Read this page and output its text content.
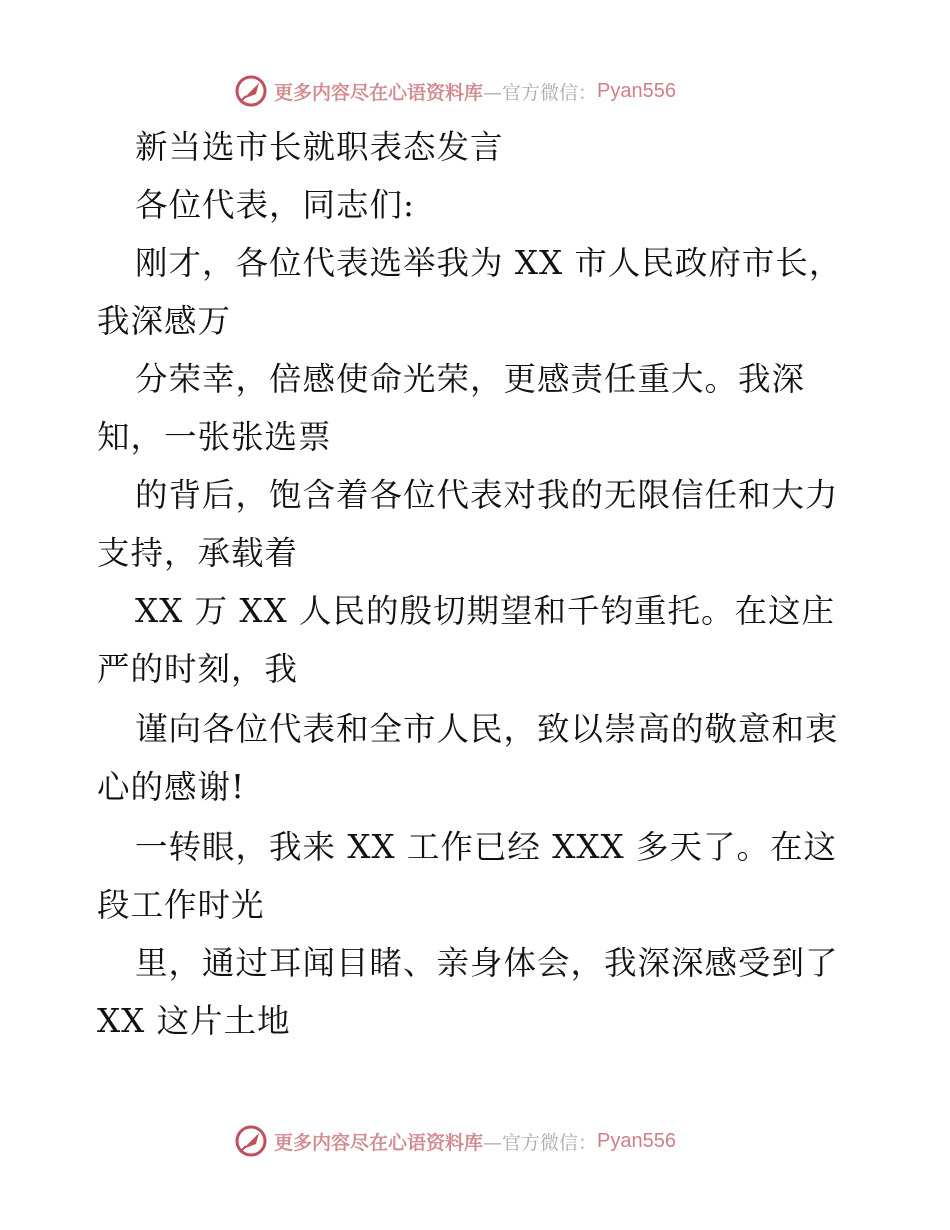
更多内容尽在心语资料库 —官方微信： Pyan556
新当选市长就职表态发言
各位代表，同志们:
刚才，各位代表选举我为 XX 市人民政府市长，
我深感万
分荣幸，倍感使命光荣，更感责任重大。我深
知，一张张选票
的背后，饱含着各位代表对我的无限信任和大力
支持，承载着
XX 万 XX 人民的殷切期望和千钧重托。在这庄
严的时刻，我
谨向各位代表和全市人民，致以崇高的敬意和衷
心的感谢!
一转眼，我来 XX 工作已经 XXX 多天了。在这
段工作时光
里，通过耳闻目睹、亲身体会，我深深感受到了
XX 这片土地
更多内容尽在心语资料库 —官方微信： Pyan556
